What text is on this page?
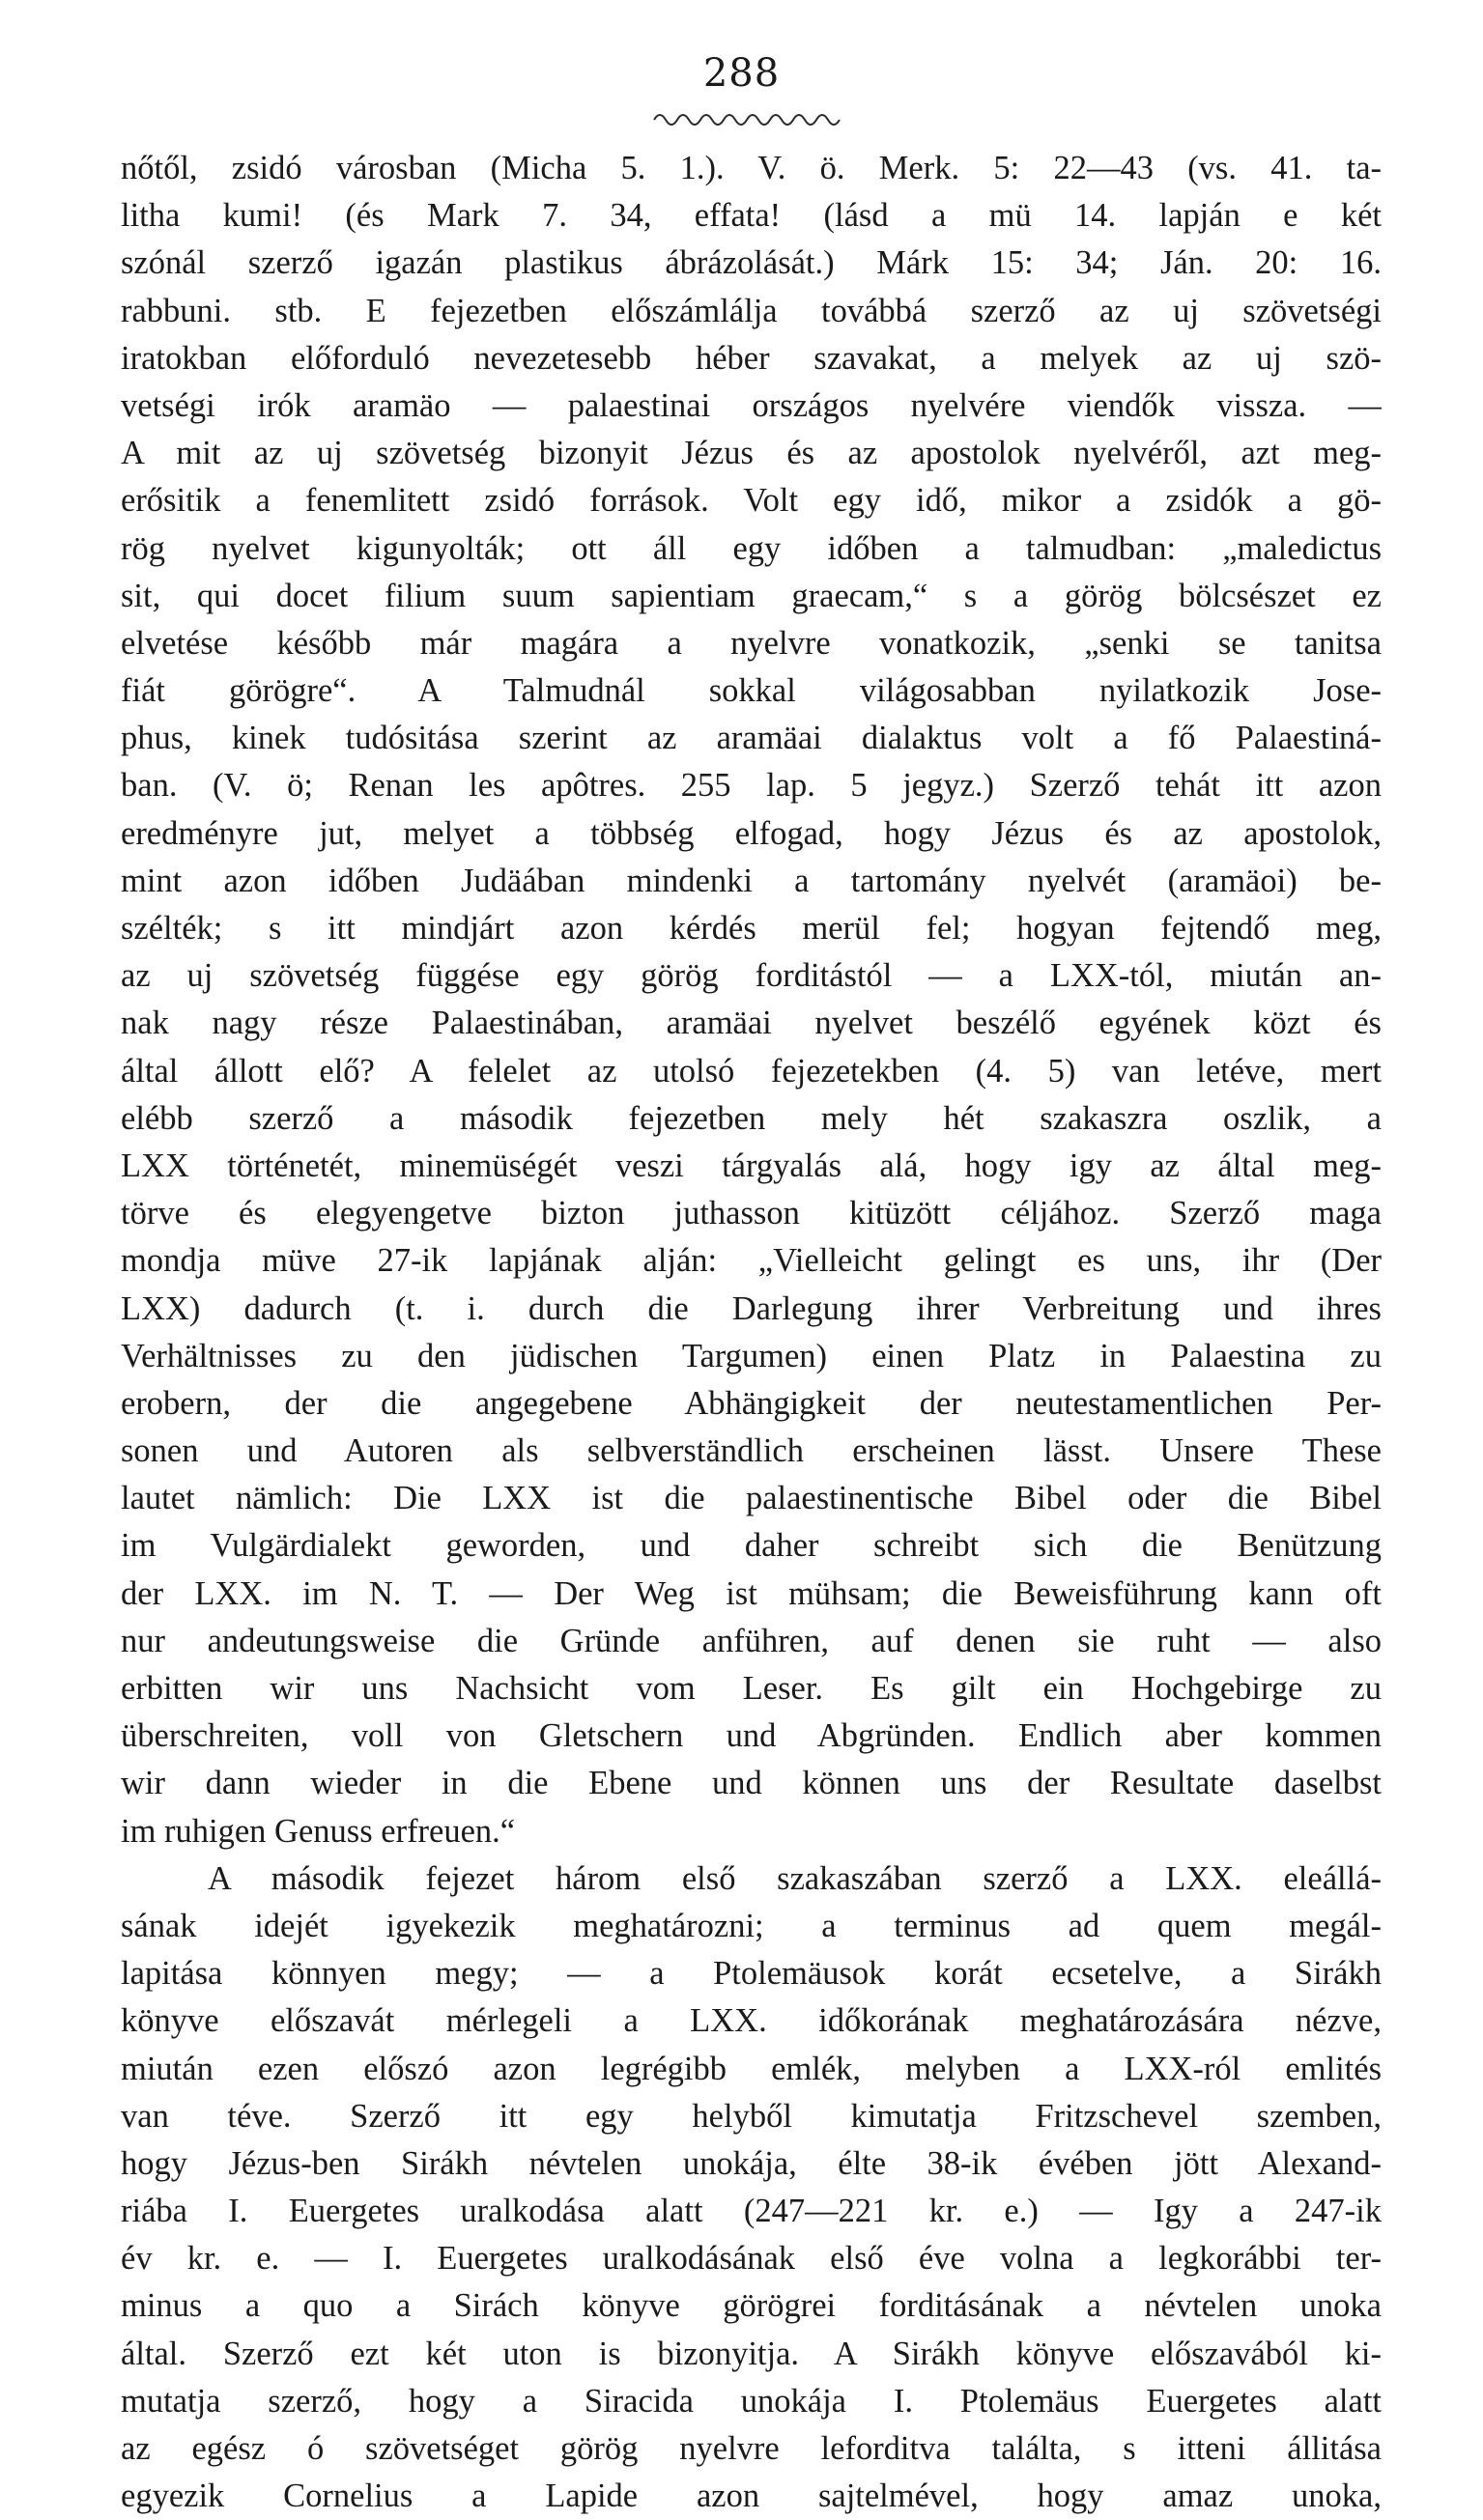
288
nőtől, zsidó városban (Micha 5. 1.). V. ö. Merk. 5: 22—43 (vs. 41. ta-
litha kumi! (és Mark 7. 34, effata! (lásd a mü 14. lapján e két
szónál szerző igazán plastikus ábrázolását.) Márk 15: 34; Ján. 20: 16.
rabbuni. stb. E fejezetben előszámlálja továbbá szerző az uj szövetségi
iratokban előforduló nevezetesebb héber szavakat, a melyek az uj szö-
vetségi irók aramäo — palaestinai országos nyelvére viendők vissza. —
A mit az uj szövetség bizonyit Jézus és az apostolok nyelvéről, azt meg-
erősitik a fenemlitett zsidó források. Volt egy idő, mikor a zsidók a gö-
rög nyelvet kigunyolták; ott áll egy időben a talmudban: „maledictus
sit, qui docet filium suum sapientiam graecam,“ s a görög bölcsészet ez
elvetése később már magára a nyelvre vonatkozik, „senki se tanitsa
fiát görögre“. A Talmudnál sokkal világosabban nyilatkozik Jose-
phus, kinek tudósitása szerint az aramäai dialaktus volt a fő Palaestiná-
ban. (V. ö; Renan les apôtres. 255 lap. 5 jegyz.) Szerző tehát itt azon
eredményre jut, melyet a többség elfogad, hogy Jézus és az apostolok,
mint azon időben Judäában mindenki a tartomány nyelvét (aramäoi) be-
szélték; s itt mindjárt azon kérdés merül fel; hogyan fejtendő meg,
az uj szövetség függése egy görög forditástól — a LXX-tól, miután an-
nak nagy része Palaestinában, aramäai nyelvet beszélő egyének közt és
által állott elő? A felelet az utolsó fejezetekben (4. 5) van letéve, mert
elébb szerző a második fejezetben mely hét szakaszra oszlik, a
LXX történetét, minemüségét veszi tárgyalás alá, hogy igy az által meg-
törve és elegyengetve bizton juthasson kitüzött céljához. Szerző maga
mondja müve 27-ik lapjának alján: „Vielleicht gelingt es uns, ihr (Der
LXX) dadurch (t. i. durch die Darlegung ihrer Verbreitung und ihres
Verhältnisses zu den jüdischen Targumen) einen Platz in Palaestina zu
erobern, der die angegebene Abhängigkeit der neutestamentlichen Per-
sonen und Autoren als selbverständlich erscheinen lässt. Unsere These
lautet nämlich: Die LXX ist die palaestinentische Bibel oder die Bibel
im Vulgärdialekt geworden, und daher schreibt sich die Benützung
der LXX. im N. T. — Der Weg ist mühsam; die Beweisführung kann oft
nur andeutungsweise die Gründe anführen, auf denen sie ruht — also
erbitten wir uns Nachsicht vom Leser. Es gilt ein Hochgebirge zu
überschreiten, voll von Gletschern und Abgründen. Endlich aber kommen
wir dann wieder in die Ebene und können uns der Resultate daselbst
im ruhigen Genuss erfreuen.“
A második fejezet három első szakaszában szerző a LXX. eleállá-
sának idejét igyekezik meghatározni; a terminus ad quem megál-
lapitása könnyen megy; — a Ptolemäusok korát ecsetelve, a Sirákh
könyve előszavát mérlegeli a LXX. időkorának meghatározására nézve,
miután ezen előszó azon legrégibb emlék, melyben a LXX-ról emlités
van téve. Szerző itt egy helyből kimutatja Fritzschevel szemben,
hogy Jézus-ben Sirákh névtelen unokája, élte 38-ik évében jött Alexand-
riába I. Euergetes uralkodása alatt (247—221 kr. e.) — Igy a 247-ik
év kr. e. — I. Euergetes uralkodásának első éve volna a legkorábbi ter-
minus a quo a Sirách könyve görögrei forditásának a névtelen unoka
által. Szerző ezt két uton is bizonyitja. A Sirákh könyve előszavából ki-
mutatja szerző, hogy a Siracida unokája I. Ptolemäus Euergetes alatt
az egész ó szövetséget görög nyelvre leforditva találta, s itteni állitása
egyezik Cornelius a Lapide azon sajtelmével, hogy amaz unoka,
